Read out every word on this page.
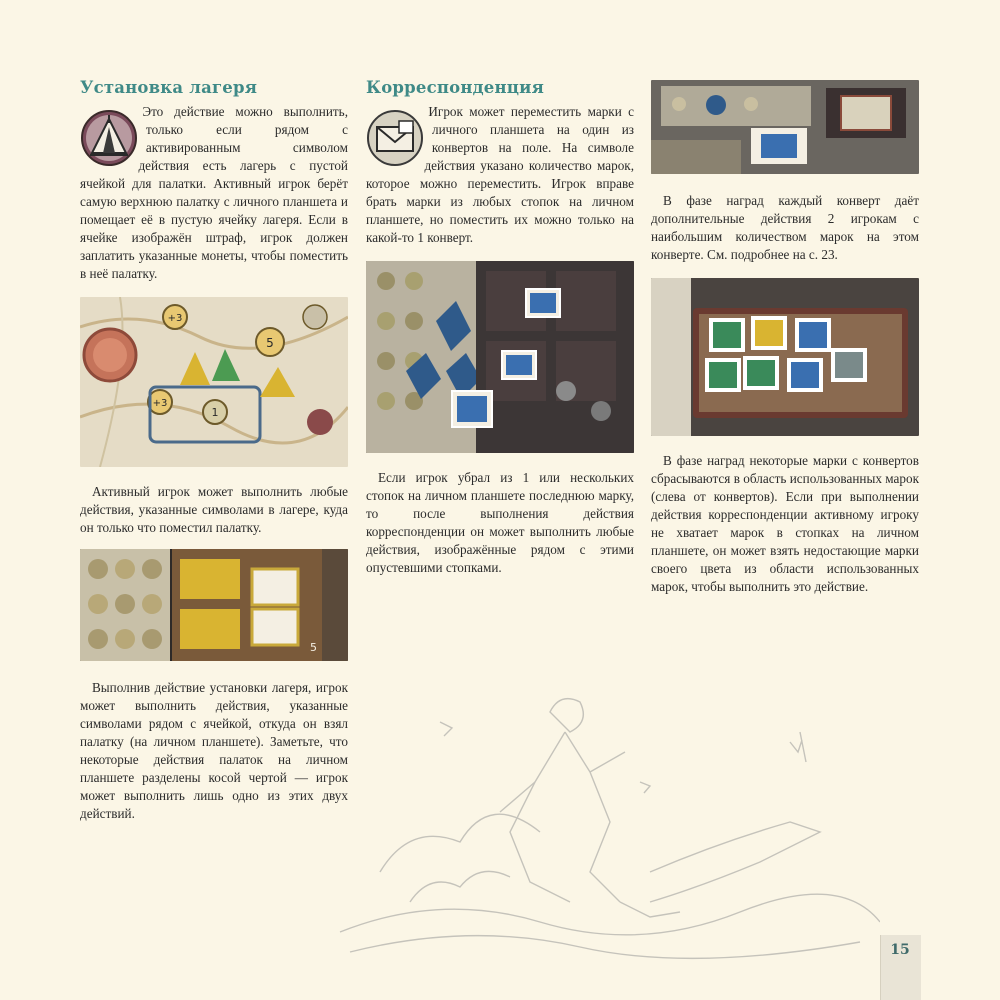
Установка лагеря

Это действие можно выполнить, только если рядом с активированным символом действия есть лагерь с пустой ячейкой для палатки. Активный игрок берёт самую верхнюю палатку с личного планшета и помещает её в пустую ячейку лагеря. Если в ячейке изображён штраф, игрок должен заплатить указанные монеты, чтобы поместить в неё палатку.

+3
5
+3
1

Активный игрок может выполнить любые действия, указанные символами в лагере, куда он только что поместил палатку.

5

Выполнив действие установки лагеря, игрок может выполнить действия, указанные символами рядом с ячейкой, откуда он взял палатку (на личном планшете). Заметьте, что некоторые действия палаток на личном планшете разделены косой чертой — игрок может выполнить лишь одно из этих двух действий.

Корреспонденция

Игрок может переместить марки с личного планшета на один из конвертов на поле. На символе действия указано количество марок, которое можно переместить. Игрок вправе брать марки из любых стопок на личном планшете, но поместить их можно только на какой-то 1 конверт.

Если игрок убрал из 1 или нескольких стопок на личном планшете последнюю марку, то после выполнения действия корреспонденции он может выполнить любые действия, изображённые рядом с этими опустевшими стопками.

В фазе наград каждый конверт даёт дополнительные действия 2 игрокам с наибольшим количеством марок на этом конверте. См. подробнее на с. 23.

В фазе наград некоторые марки с конвертов сбрасываются в область использованных марок (слева от конвертов). Если при выполнении действия корреспонденции активному игроку не хватает марок в стопках на личном планшете, он может взять недостающие марки своего цвета из области использованных марок, чтобы выполнить это действие.

15
